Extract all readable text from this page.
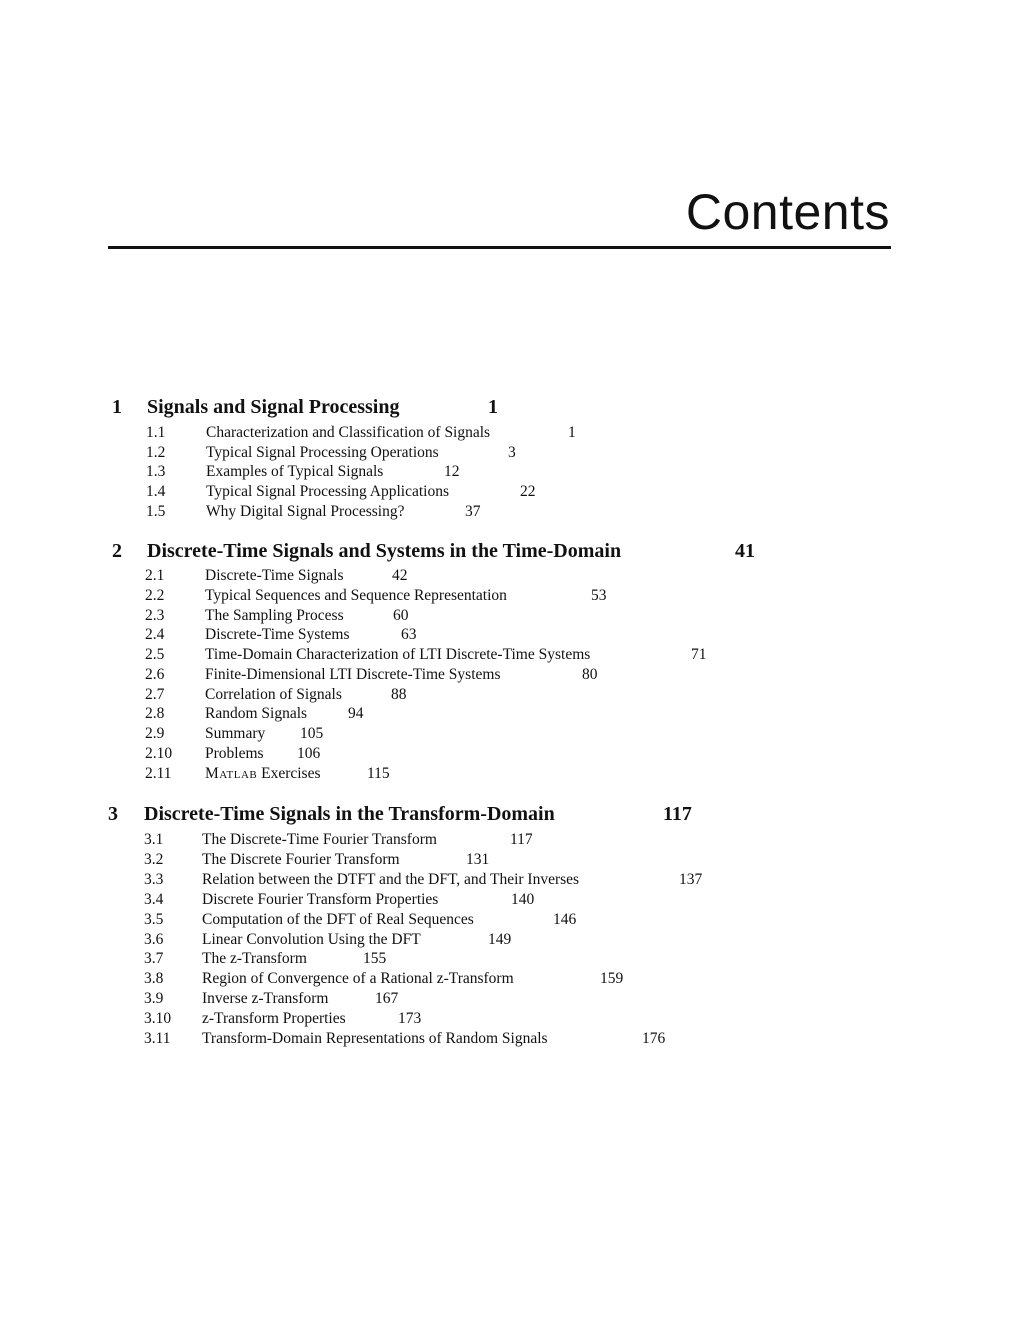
Contents
1 Signals and Signal Processing	1
1.1	Characterization and Classification of Signals	1
1.2	Typical Signal Processing Operations	3
1.3	Examples of Typical Signals	12
1.4	Typical Signal Processing Applications	22
1.5	Why Digital Signal Processing?	37
2 Discrete-Time Signals and Systems in the Time-Domain	41
2.1	Discrete-Time Signals	42
2.2	Typical Sequences and Sequence Representation	53
2.3	The Sampling Process	60
2.4	Discrete-Time Systems	63
2.5	Time-Domain Characterization of LTI Discrete-Time Systems	71
2.6	Finite-Dimensional LTI Discrete-Time Systems	80
2.7	Correlation of Signals	88
2.8	Random Signals	94
2.9	Summary 105
2.10 Problems 106
2.11 Matlab Exercises	115
3 Discrete-Time Signals in the Transform-Domain	117
3.1 The Discrete-Time Fourier Transform	117
3.2 The Discrete Fourier Transform	131
3.3 Relation between the DTFT and the DFT, and Their Inverses	137
3.4 Discrete Fourier Transform Properties	140
3.5 Computation of the DFT of Real Sequences	146
3.6 Linear Convolution Using the DFT	149
3.7 The z-Transform	155
3.8 Region of Convergence of a Rational z-Transform	159
3.9 Inverse z-Transform	167
3.10 z-Transform Properties	173
3.11 Transform-Domain Representations of Random Signals	176
